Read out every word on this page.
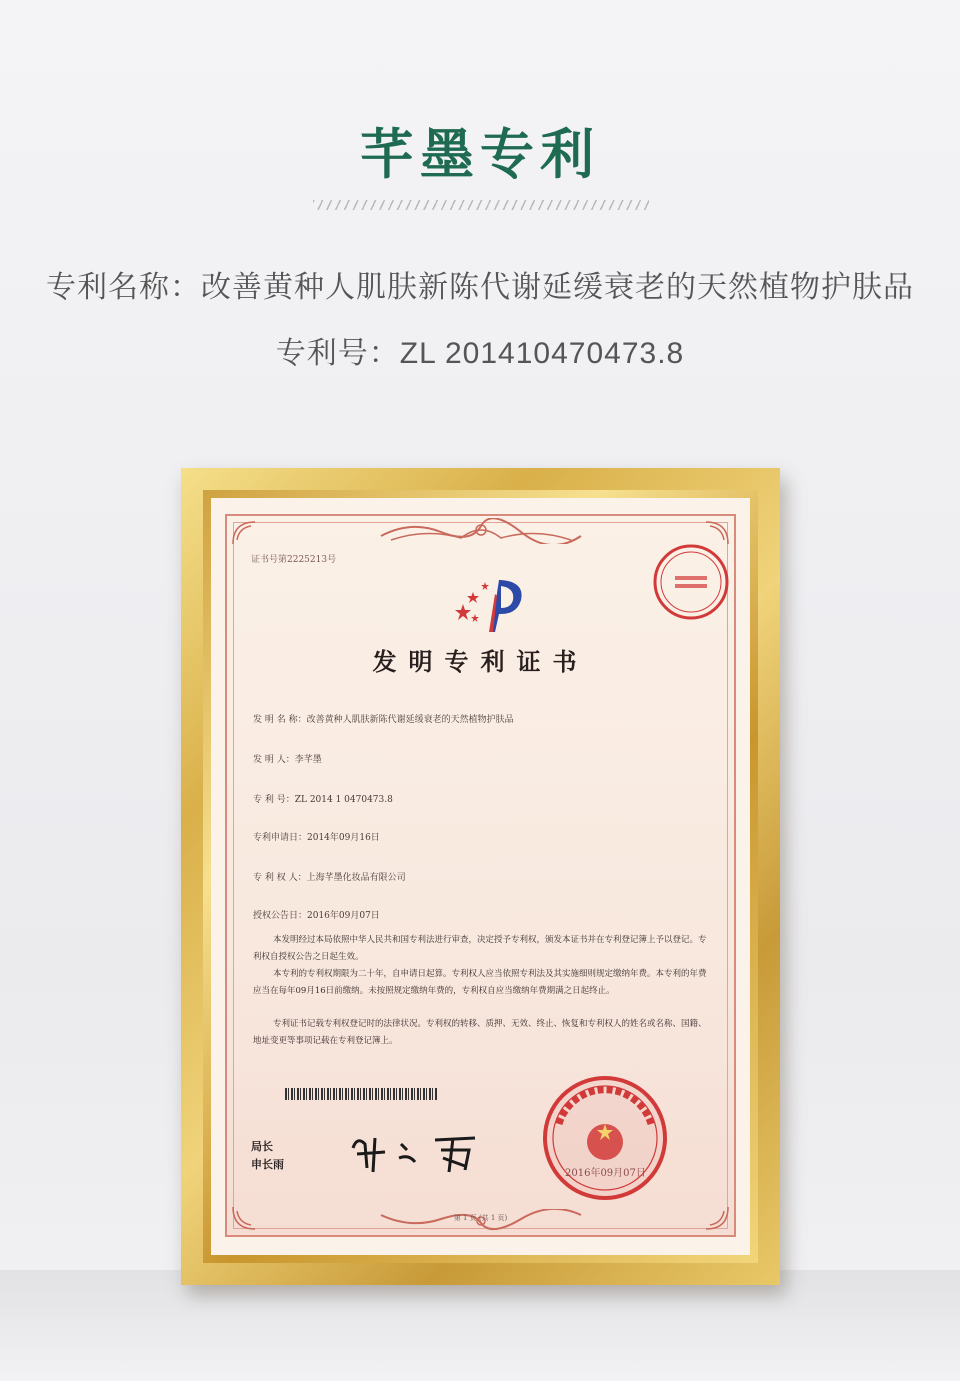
芊墨专利
专利名称：改善黄种人肌肤新陈代谢延缓衰老的天然植物护肤品
专利号：ZL 201410470473.8
证书号第2225213号
发明专利证书
发 明 名 称：改善黄种人肌肤新陈代谢延缓衰老的天然植物护肤品
发 明 人：李芊墨
专 利 号：ZL 2014 1 0470473.8
专利申请日：2014年09月16日
专 利 权 人：上海芊墨化妆品有限公司
授权公告日：2016年09月07日
本发明经过本局依照中华人民共和国专利法进行审查，决定授予专利权，颁发本证书并在专利登记簿上予以登记。专利权自授权公告之日起生效。
本专利的专利权期限为二十年，自申请日起算。专利权人应当依照专利法及其实施细则规定缴纳年费。本专利的年费应当在每年09月16日前缴纳。未按照规定缴纳年费的，专利权自应当缴纳年费期满之日起终止。
专利证书记载专利权登记时的法律状况。专利权的转移、质押、无效、终止、恢复和专利权人的姓名或名称、国籍、地址变更等事项记载在专利登记簿上。
局长
申长雨
2016年09月07日
第 1 页 (共 1 页)
